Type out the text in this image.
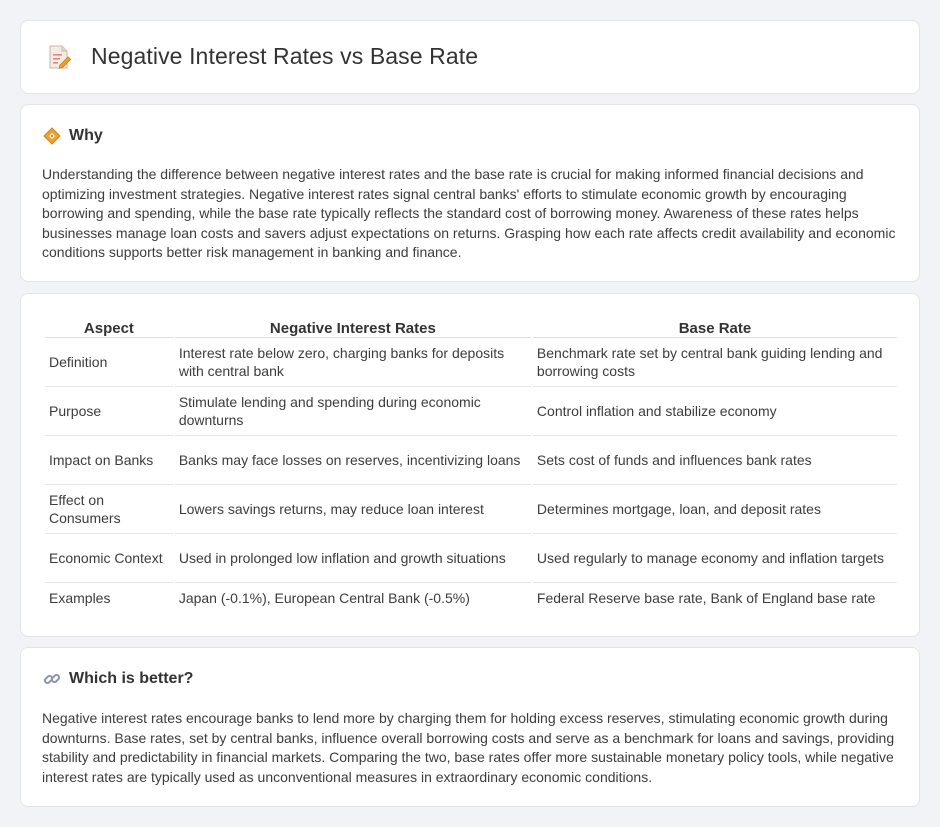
Negative Interest Rates vs Base Rate
Why

Understanding the difference between negative interest rates and the base rate is crucial for making informed financial decisions and optimizing investment strategies. Negative interest rates signal central banks' efforts to stimulate economic growth by encouraging borrowing and spending, while the base rate typically reflects the standard cost of borrowing money. Awareness of these rates helps businesses manage loan costs and savers adjust expectations on returns. Grasping how each rate affects credit availability and economic conditions supports better risk management in banking and finance.

Aspect	Negative Interest Rates	Base Rate
Definition	Interest rate below zero, charging banks for deposits with central bank	Benchmark rate set by central bank guiding lending and borrowing costs
Purpose	Stimulate lending and spending during economic downturns	Control inflation and stabilize economy
Impact on Banks	Banks may face losses on reserves, incentivizing loans	Sets cost of funds and influences bank rates
Effect on Consumers	Lowers savings returns, may reduce loan interest	Determines mortgage, loan, and deposit rates
Economic Context	Used in prolonged low inflation and growth situations	Used regularly to manage economy and inflation targets
Examples	Japan (-0.1%), European Central Bank (-0.5%)	Federal Reserve base rate, Bank of England base rate
Which is better?

Negative interest rates encourage banks to lend more by charging them for holding excess reserves, stimulating economic growth during downturns. Base rates, set by central banks, influence overall borrowing costs and serve as a benchmark for loans and savings, providing stability and predictability in financial markets. Comparing the two, base rates offer more sustainable monetary policy tools, while negative interest rates are typically used as unconventional measures in extraordinary economic conditions.
